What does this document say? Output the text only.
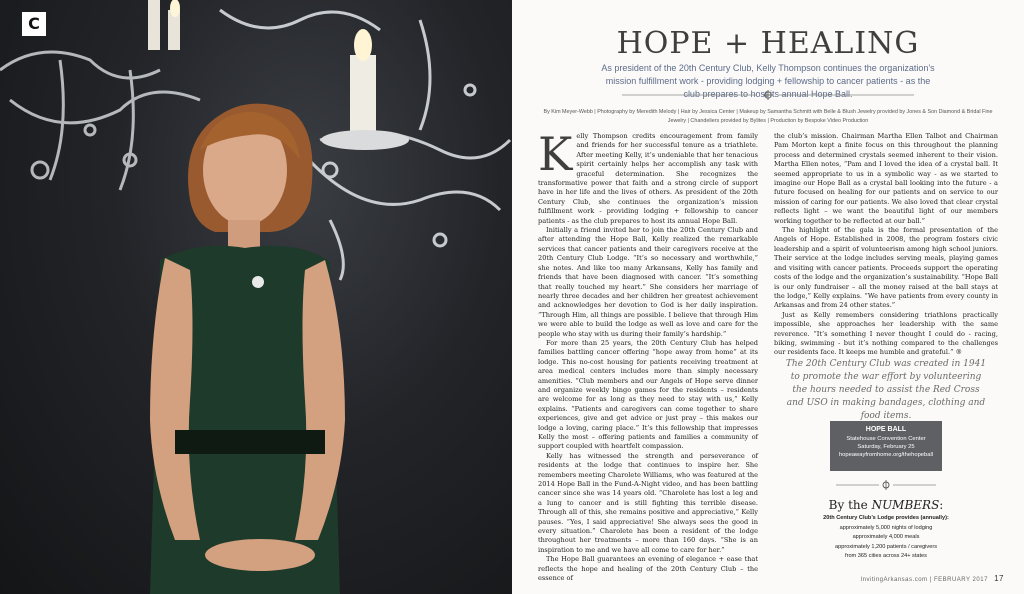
C
HOPE + HEALING

As president of the 20th Century Club, Kelly Thompson continues the organization’s mission fulfillment work - providing lodging + fellowship to cancer patients - as the club prepares to host its annual Hope Ball.

By Kim Meyer-Webb | Photography by Meredith Melody | Hair by Jessica Center | Makeup by Samantha Schmitt with Belle & Blush Jewelry provided by Jones & Son Diamond & Bridal Fine Jewelry | Chandeliers provided by Bylites | Production by Bespoke Video Production

K elly Thompson credits encouragement from family and friends for her successful tenure as a triathlete. After meeting Kelly, it’s undeniable that her tenacious spirit certainly helps her accomplish any task with graceful determination. She recognizes the transformative power that faith and a strong circle of support have in her life and the lives of others. As president of the 20th Century Club, she continues the organization’s mission fulfillment work - providing lodging + fellowship to cancer patients - as the club prepares to host its annual Hope Ball.

Initially a friend invited her to join the 20th Century Club and after attending the Hope Ball, Kelly realized the remarkable services that cancer patients and their caregivers receive at the 20th Century Club Lodge. “It’s so necessary and worthwhile,” she notes. And like too many Arkansans, Kelly has family and friends that have been diagnosed with cancer. “It’s something that really touched my heart.” She considers her marriage of nearly three decades and her children her greatest achievement and acknowledges her devotion to God is her daily inspiration. “Through Him, all things are possible. I believe that through Him we were able to build the lodge as well as love and care for the people who stay with us during their family’s hardship.”

For more than 25 years, the 20th Century Club has helped families battling cancer offering “hope away from home” at its lodge. This no-cost housing for patients receiving treatment at area medical centers includes more than simply necessary amenities. “Club members and our Angels of Hope serve dinner and organize weekly bingo games for the residents – residents are welcome for as long as they need to stay with us,” Kelly explains. “Patients and caregivers can come together to share experiences, give and get advice or just pray – this makes our lodge a loving, caring place.” It’s this fellowship that impresses Kelly the most – offering patients and families a community of support coupled with heartfelt compassion.

Kelly has witnessed the strength and perseverance of residents at the lodge that continues to inspire her. She remembers meeting Charolete Williams, who was featured at the 2014 Hope Ball in the Fund-A-Night video, and has been battling cancer since she was 14 years old. “Charolete has lost a leg and a lung to cancer and is still fighting this terrible disease. Through all of this, she remains positive and appreciative,” Kelly pauses. “Yes, I said appreciative! She always sees the good in every situation.” Charolete has been a resident of the lodge throughout her treatments – more than 160 days. “She is an inspiration to me and we have all come to care for her.”

The Hope Ball guarantees an evening of elegance + ease that reflects the hope and healing of the 20th Century Club – the essence of

the club’s mission. Chairman Martha Ellen Talbot and Chairman Pam Morton kept a finite focus on this throughout the planning process and determined crystals seemed inherent to their vision. Martha Ellen notes, “Pam and I loved the idea of a crystal ball. It seemed appropriate to us in a symbolic way - as we started to imagine our Hope Ball as a crystal ball looking into the future - a future focused on healing for our patients and on service to our mission of caring for our patients. We also loved that clear crystal reflects light – we want the beautiful light of our members working together to be reflected at our ball.”

The highlight of the gala is the formal presentation of the Angels of Hope. Established in 2008, the program fosters civic leadership and a spirit of volunteerism among high school juniors. Their service at the lodge includes serving meals, playing games and visiting with cancer patients. Proceeds support the operating costs of the lodge and the organization’s sustainability. “Hope Ball is our only fundraiser – all the money raised at the ball stays at the lodge,” Kelly explains. “We have patients from every county in Arkansas and from 24 other states.”

Just as Kelly remembers considering triathlons practically impossible, she approaches her leadership with the same reverence. “It’s something I never thought I could do - racing, biking, swimming - but it’s nothing compared to the challenges our residents face. It keeps me humble and grateful.” ®

The 20th Century Club was created in 1941 to promote the war effort by volunteering the hours needed to assist the Red Cross and USO in making bandages, clothing and food items.

HOPE BALL
Statehouse Convention Center
Saturday, February 25
hopeawayfromhome.org/thehopeball

By the NUMBERS:

20th Century Club’s Lodge provides (annually):
approximately 5,000 nights of lodging
approximately 4,000 meals
approximately 1,200 patients / caregivers
from 365 cities across 24+ states
InvitingArkansas.com | FEBRUARY 2017 17
